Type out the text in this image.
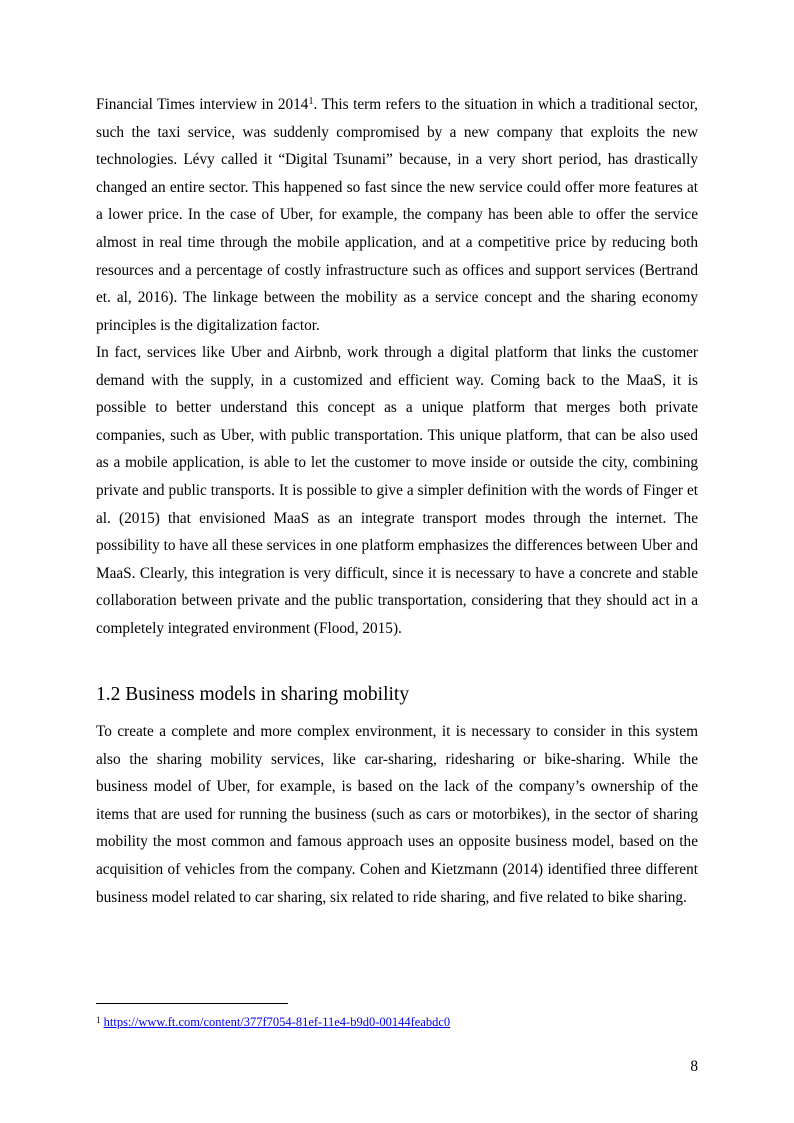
Financial Times interview in 2014$^1$. This term refers to the situation in which a traditional sector, such the taxi service, was suddenly compromised by a new company that exploits the new technologies. Lévy called it “Digital Tsunami” because, in a very short period, has drastically changed an entire sector. This happened so fast since the new service could offer more features at a lower price. In the case of Uber, for example, the company has been able to offer the service almost in real time through the mobile application, and at a competitive price by reducing both resources and a percentage of costly infrastructure such as offices and support services (Bertrand et. al, 2016). The linkage between the mobility as a service concept and the sharing economy principles is the digitalization factor.

In fact, services like Uber and Airbnb, work through a digital platform that links the customer demand with the supply, in a customized and efficient way. Coming back to the MaaS, it is possible to better understand this concept as a unique platform that merges both private companies, such as Uber, with public transportation. This unique platform, that can be also used as a mobile application, is able to let the customer to move inside or outside the city, combining private and public transports. It is possible to give a simpler definition with the words of Finger et al. (2015) that envisioned MaaS as an integrate transport modes through the internet. The possibility to have all these services in one platform emphasizes the differences between Uber and MaaS. Clearly, this integration is very difficult, since it is necessary to have a concrete and stable collaboration between private and the public transportation, considering that they should act in a completely integrated environment (Flood, 2015).

1.2 Business models in sharing mobility

To create a complete and more complex environment, it is necessary to consider in this system also the sharing mobility services, like car-sharing, ridesharing or bike-sharing. While the business model of Uber, for example, is based on the lack of the company’s ownership of the items that are used for running the business (such as cars or motorbikes), in the sector of sharing mobility the most common and famous approach uses an opposite business model, based on the acquisition of vehicles from the company. Cohen and Kietzmann (2014) identified three different business model related to car sharing, six related to ride sharing, and five related to bike sharing.

$^1$ https://www.ft.com/content/377f7054-81ef-11e4-b9d0-00144feabdc0
8
